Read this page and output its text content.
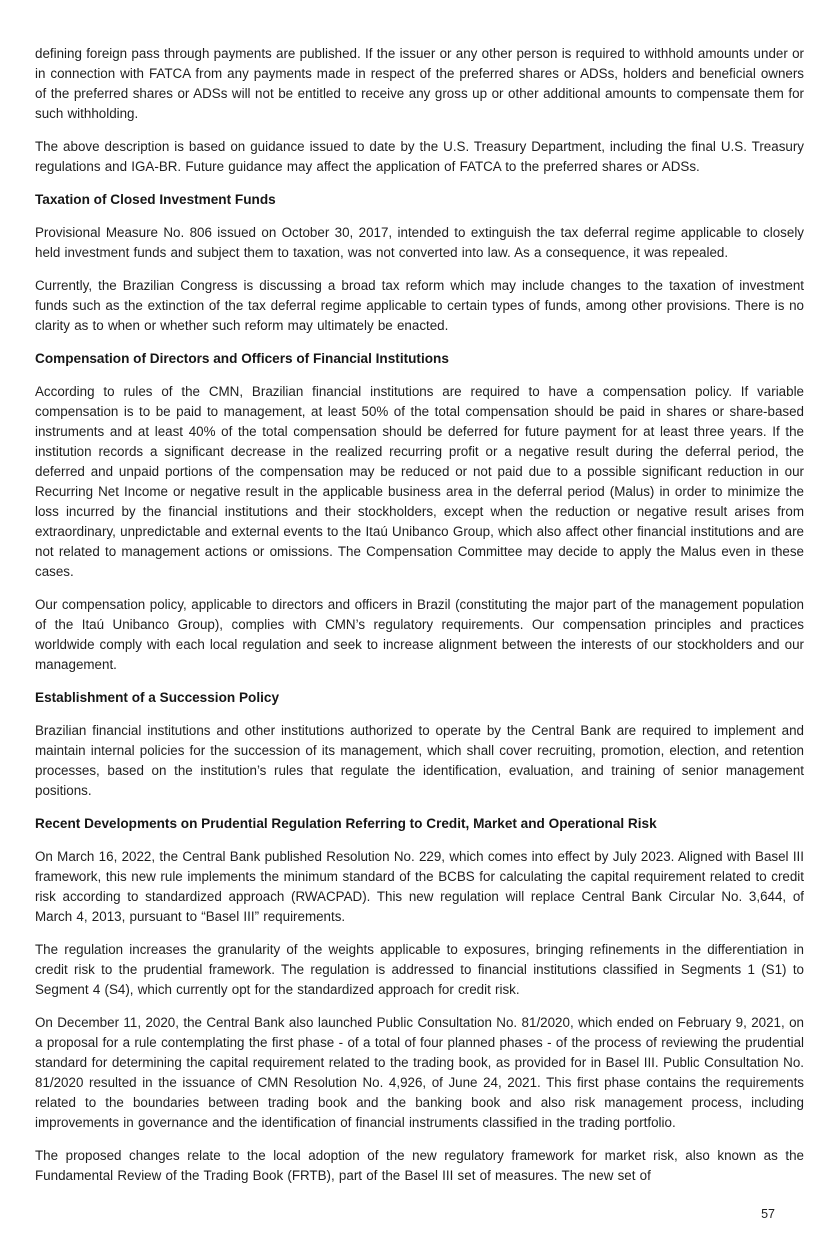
defining foreign pass through payments are published. If the issuer or any other person is required to withhold amounts under or in connection with FATCA from any payments made in respect of the preferred shares or ADSs, holders and beneficial owners of the preferred shares or ADSs will not be entitled to receive any gross up or other additional amounts to compensate them for such withholding.

The above description is based on guidance issued to date by the U.S. Treasury Department, including the final U.S. Treasury regulations and IGA-BR. Future guidance may affect the application of FATCA to the preferred shares or ADSs.

Taxation of Closed Investment Funds

Provisional Measure No. 806 issued on October 30, 2017, intended to extinguish the tax deferral regime applicable to closely held investment funds and subject them to taxation, was not converted into law. As a consequence, it was repealed.

Currently, the Brazilian Congress is discussing a broad tax reform which may include changes to the taxation of investment funds such as the extinction of the tax deferral regime applicable to certain types of funds, among other provisions. There is no clarity as to when or whether such reform may ultimately be enacted.

Compensation of Directors and Officers of Financial Institutions

According to rules of the CMN, Brazilian financial institutions are required to have a compensation policy. If variable compensation is to be paid to management, at least 50% of the total compensation should be paid in shares or share-based instruments and at least 40% of the total compensation should be deferred for future payment for at least three years. If the institution records a significant decrease in the realized recurring profit or a negative result during the deferral period, the deferred and unpaid portions of the compensation may be reduced or not paid due to a possible significant reduction in our Recurring Net Income or negative result in the applicable business area in the deferral period (Malus) in order to minimize the loss incurred by the financial institutions and their stockholders, except when the reduction or negative result arises from extraordinary, unpredictable and external events to the Itaú Unibanco Group, which also affect other financial institutions and are not related to management actions or omissions. The Compensation Committee may decide to apply the Malus even in these cases.

Our compensation policy, applicable to directors and officers in Brazil (constituting the major part of the management population of the Itaú Unibanco Group), complies with CMN’s regulatory requirements. Our compensation principles and practices worldwide comply with each local regulation and seek to increase alignment between the interests of our stockholders and our management.

Establishment of a Succession Policy

Brazilian financial institutions and other institutions authorized to operate by the Central Bank are required to implement and maintain internal policies for the succession of its management, which shall cover recruiting, promotion, election, and retention processes, based on the institution’s rules that regulate the identification, evaluation, and training of senior management positions.

Recent Developments on Prudential Regulation Referring to Credit, Market and Operational Risk

On March 16, 2022, the Central Bank published Resolution No. 229, which comes into effect by July 2023. Aligned with Basel III framework, this new rule implements the minimum standard of the BCBS for calculating the capital requirement related to credit risk according to standardized approach (RWACPAD). This new regulation will replace Central Bank Circular No. 3,644, of March 4, 2013, pursuant to “Basel III” requirements.

The regulation increases the granularity of the weights applicable to exposures, bringing refinements in the differentiation in credit risk to the prudential framework. The regulation is addressed to financial institutions classified in Segments 1 (S1) to Segment 4 (S4), which currently opt for the standardized approach for credit risk.

On December 11, 2020, the Central Bank also launched Public Consultation No. 81/2020, which ended on February 9, 2021, on a proposal for a rule contemplating the first phase - of a total of four planned phases - of the process of reviewing the prudential standard for determining the capital requirement related to the trading book, as provided for in Basel III. Public Consultation No. 81/2020 resulted in the issuance of CMN Resolution No. 4,926, of June 24, 2021. This first phase contains the requirements related to the boundaries between trading book and the banking book and also risk management process, including improvements in governance and the identification of financial instruments classified in the trading portfolio.

The proposed changes relate to the local adoption of the new regulatory framework for market risk, also known as the Fundamental Review of the Trading Book (FRTB), part of the Basel III set of measures. The new set of

57
